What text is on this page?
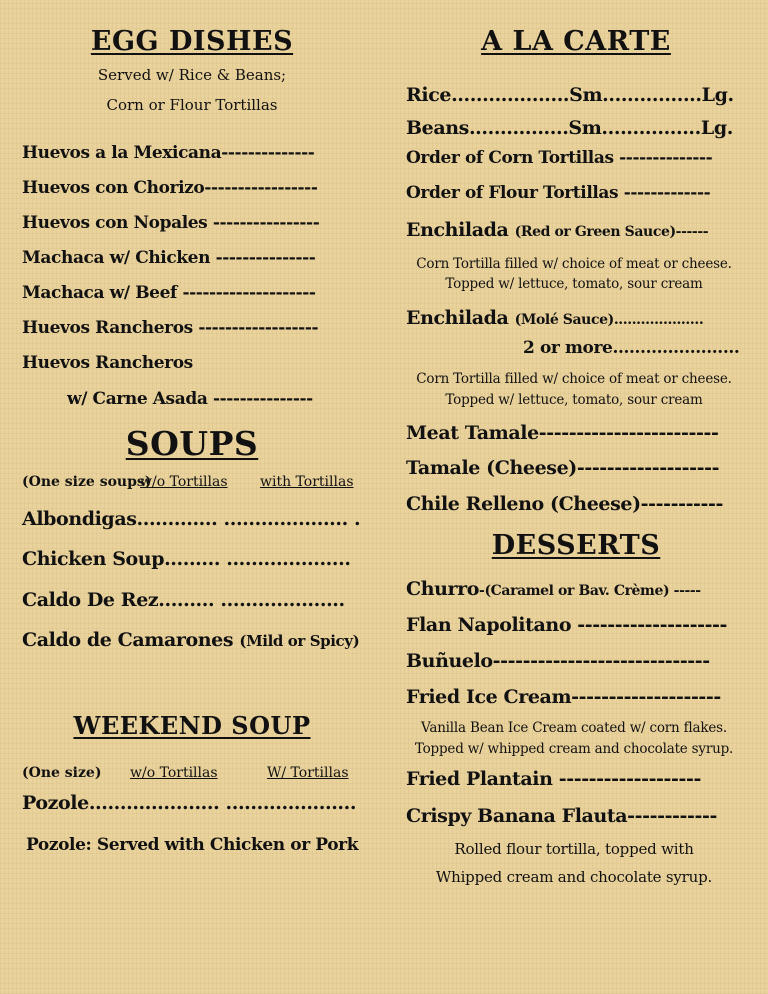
EGG DISHES
Served w/ Rice & Beans;
Corn or Flour Tortillas
Huevos a la Mexicana--------------
Huevos con Chorizo-----------------
Huevos con Nopales ----------------
Machaca w/ Chicken ---------------
Machaca w/ Beef --------------------
Huevos Rancheros ------------------
Huevos Rancheros
w/ Carne Asada ---------------
SOUPS
(One size soups)
w/o Tortillas with Tortillas
Albondigas............. .................... .
Chicken Soup......... ....................
Caldo De Rez......... ....................
Caldo de Camarones (Mild or Spicy)
WEEKEND SOUP
(One size) w/o Tortillas	W/ Tortillas
Pozole..................... .....................
Pozole: Served with Chicken or Pork
A LA CARTE
Rice...................Sm................Lg.
Beans................Sm................Lg.
Order of Corn Tortillas --------------
Order of Flour Tortillas -------------
Enchilada (Red or Green Sauce)------
Corn Tortilla filled w/ choice of meat or cheese.
Topped w/ lettuce, tomato, sour cream
Enchilada (Molé Sauce)....................
2 or more.......................
Corn Tortilla filled w/ choice of meat or cheese.
Topped w/ lettuce, tomato, sour cream
Meat Tamale------------------------
Tamale (Cheese)-------------------
Chile Relleno (Cheese)-----------
DESSERTS
Churro-(Caramel or Bav. Crème) -----
Flan Napolitano --------------------
Buñuelo-----------------------------
Fried Ice Cream--------------------
Vanilla Bean Ice Cream coated w/ corn flakes.
Topped w/ whipped cream and chocolate syrup.
Fried Plantain -------------------
Crispy Banana Flauta------------
Rolled flour tortilla, topped with
Whipped cream and chocolate syrup.
